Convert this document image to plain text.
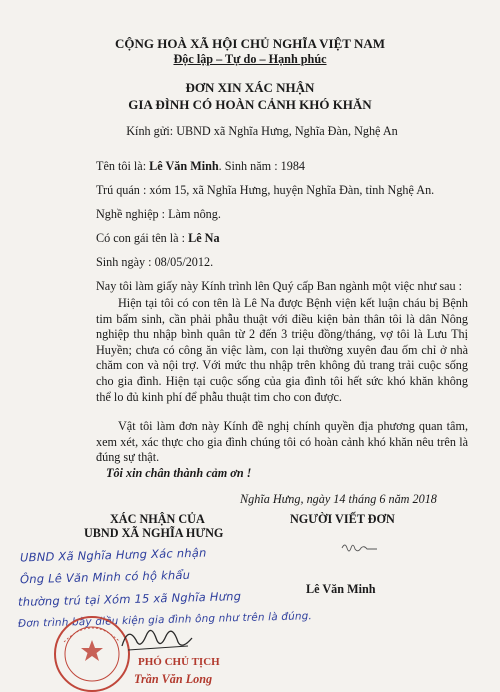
CỘNG HOÀ XÃ HỘI CHỦ NGHĨA VIỆT NAM
Độc lập – Tự do – Hạnh phúc
ĐƠN XIN XÁC NHẬN
GIA ĐÌNH CÓ HOÀN CẢNH KHÓ KHĂN
Kính gửi: UBND xã Nghĩa Hưng, Nghĩa Đàn, Nghệ An
Tên tôi là: Lê Văn Minh. Sinh năm : 1984
Trú quán : xóm 15, xã Nghĩa Hưng, huyện Nghĩa Đàn, tỉnh Nghệ An.
Nghề nghiệp : Làm nông.
Có con gái tên là : Lê Na
Sinh ngày : 08/05/2012.
Nay tôi làm giấy này Kính trình lên Quý cấp Ban ngành một việc như sau :
Hiện tại tôi có con tên là Lê Na được Bệnh viện kết luận cháu bị Bệnh tim bẩm sinh, cần phải phẫu thuật với điều kiện bản thân tôi là dân Nông nghiệp thu nhập bình quân từ 2 đến 3 triệu đồng/tháng, vợ tôi là Lưu Thị Huyền; chưa có công ăn việc làm, con lại thường xuyên đau ốm chỉ ở nhà chăm con và nội trợ. Với mức thu nhập trên không đủ trang trải cuộc sống cho gia đình. Hiện tại cuộc sống của gia đình tôi hết sức khó khăn không thể lo đủ kinh phí để phẫu thuật tim cho con được.
Vật tôi làm đơn này Kính đề nghị chính quyền địa phương quan tâm, xem xét, xác thực cho gia đình chúng tôi có hoàn cảnh khó khăn nêu trên là đúng sự thật.
Tôi xin chân thành cảm ơn !
Nghĩa Hưng, ngày 14 tháng 6 năm 2018
XÁC NHẬN CỦA
UBND XÃ NGHĨA HƯNG
NGƯỜI VIẾT ĐƠN
Lê Văn Minh
UBND Xã Nghĩa Hưng Xác nhận
Ông Lê Văn Minh có hộ khẩu
thường trú tại Xóm 15 xã Nghĩa Hưng
Đơn trình bày điều kiện gia đình ông như trên là đúng.
PHÓ CHỦ TỊCH
Trần Văn Long
